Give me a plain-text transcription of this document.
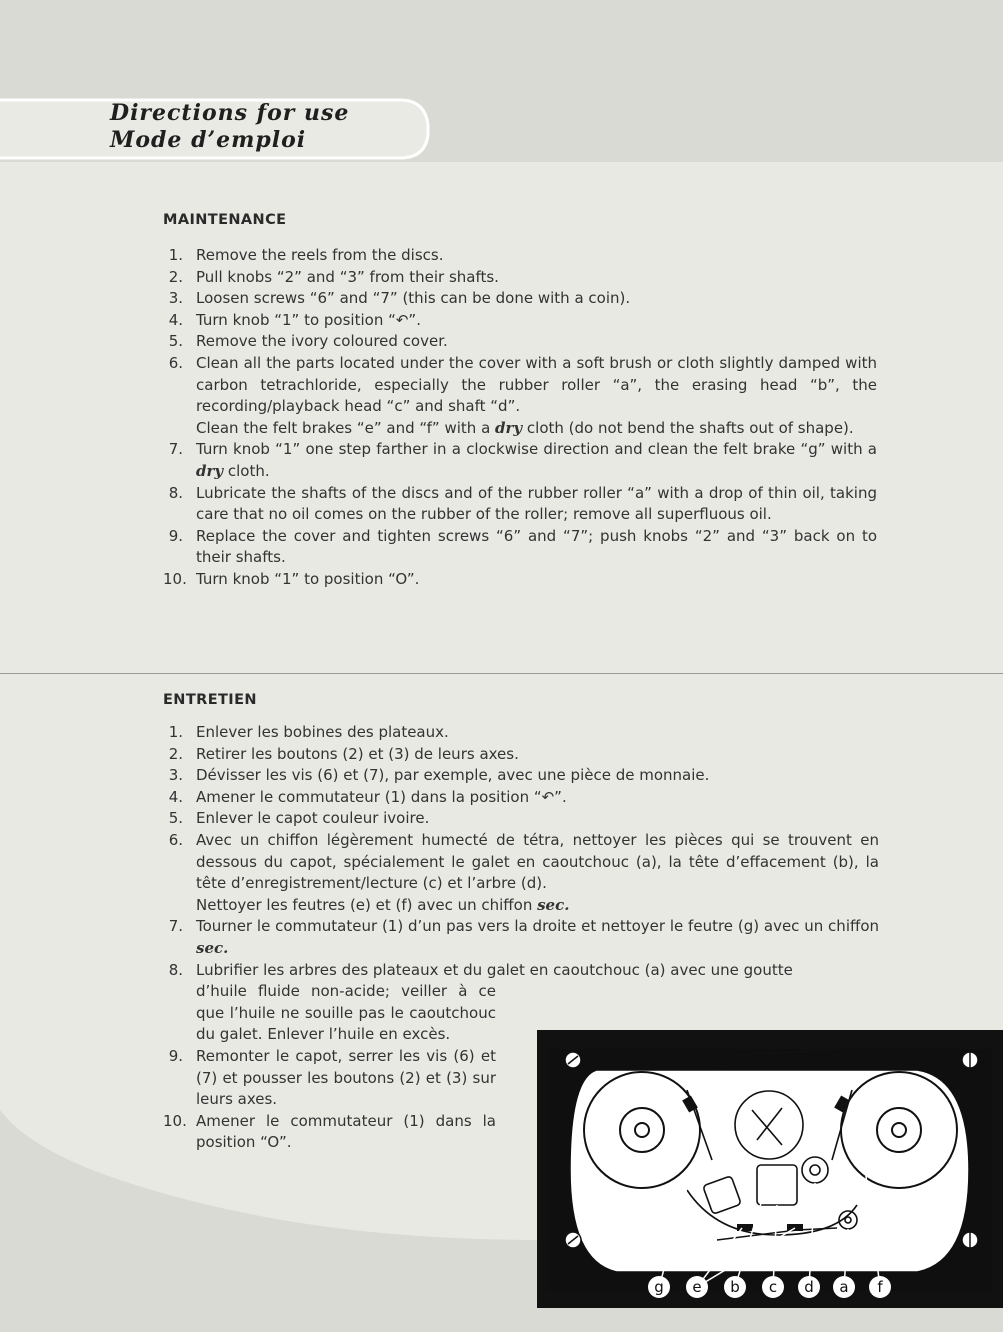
Directions for use
Mode d’emploi
MAINTENANCE
1. Remove the reels from the discs.
2. Pull knobs “2” and “3” from their shafts.
3. Loosen screws “6” and “7” (this can be done with a coin).
4. Turn knob “1” to position “↶”.
5. Remove the ivory coloured cover.
6. Clean all the parts located under the cover with a soft brush or cloth slightly damped with carbon tetrachloride, especially the rubber roller “a”, the erasing head “b”, the recording/playback head “c” and shaft “d”.
Clean the felt brakes “e” and “f” with a dry cloth (do not bend the shafts out of shape).
7. Turn knob “1” one step farther in a clockwise direction and clean the felt brake “g” with a dry cloth.
8. Lubricate the shafts of the discs and of the rubber roller “a” with a drop of thin oil, taking care that no oil comes on the rubber of the roller; remove all superfluous oil.
9. Replace the cover and tighten screws “6” and “7”; push knobs “2” and “3” back on to their shafts.
10. Turn knob “1” to position “O”.
ENTRETIEN
1. Enlever les bobines des plateaux.
2. Retirer les boutons (2) et (3) de leurs axes.
3. Dévisser les vis (6) et (7), par exemple, avec une pièce de monnaie.
4. Amener le commutateur (1) dans la position “↶”.
5. Enlever le capot couleur ivoire.
6. Avec un chiffon légèrement humecté de tétra, nettoyer les pièces qui se trouvent en dessous du capot, spécialement le galet en caoutchouc (a), la tête d’effacement (b), la tête d’enregistrement/lecture (c) et l’arbre (d).
Nettoyer les feutres (e) et (f) avec un chiffon sec.
7. Tourner le commutateur (1) d’un pas vers la droite et nettoyer le feutre (g) avec un chiffon sec.
8. Lubrifier les arbres des plateaux et du galet en caoutchouc (a) avec une goutte
d’huile fluide non-acide; veiller à ce que l’huile ne souille pas le caoutchouc du galet. Enlever l’huile en excès.
9. Remonter le capot, serrer les vis (6) et (7) et pousser les boutons (2) et (3) sur leurs axes.
10. Amener le commutateur (1) dans la position “O”.
g e b c d a f
